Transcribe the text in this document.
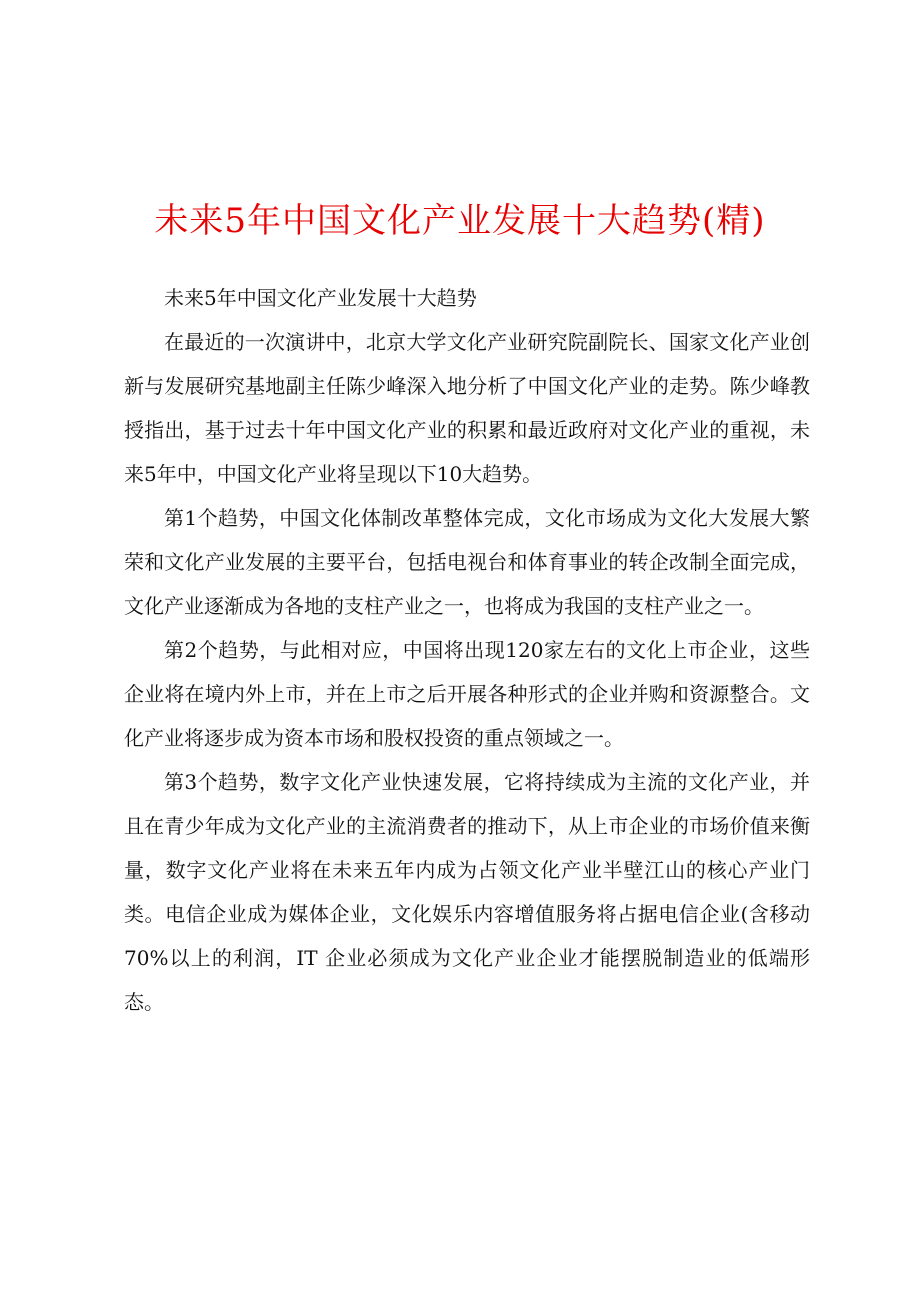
未来5年中国文化产业发展十大趋势(精)

未来5年中国文化产业发展十大趋势

在最近的一次演讲中，北京大学文化产业研究院副院长、国家文化产业创新与发展研究基地副主任陈少峰深入地分析了中国文化产业的走势。陈少峰教授指出，基于过去十年中国文化产业的积累和最近政府对文化产业的重视，未来5年中，中国文化产业将呈现以下10大趋势。

第1个趋势，中国文化体制改革整体完成，文化市场成为文化大发展大繁荣和文化产业发展的主要平台，包括电视台和体育事业的转企改制全面完成，文化产业逐渐成为各地的支柱产业之一，也将成为我国的支柱产业之一。

第2个趋势，与此相对应，中国将出现120家左右的文化上市企业，这些企业将在境内外上市，并在上市之后开展各种形式的企业并购和资源整合。文化产业将逐步成为资本市场和股权投资的重点领域之一。

第3个趋势，数字文化产业快速发展，它将持续成为主流的文化产业，并且在青少年成为文化产业的主流消费者的推动下，从上市企业的市场价值来衡量，数字文化产业将在未来五年内成为占领文化产业半壁江山的核心产业门类。电信企业成为媒体企业，文化娱乐内容增值服务将占据电信企业(含移动70%以上的利润，IT 企业必须成为文化产业企业才能摆脱制造业的低端形态。
